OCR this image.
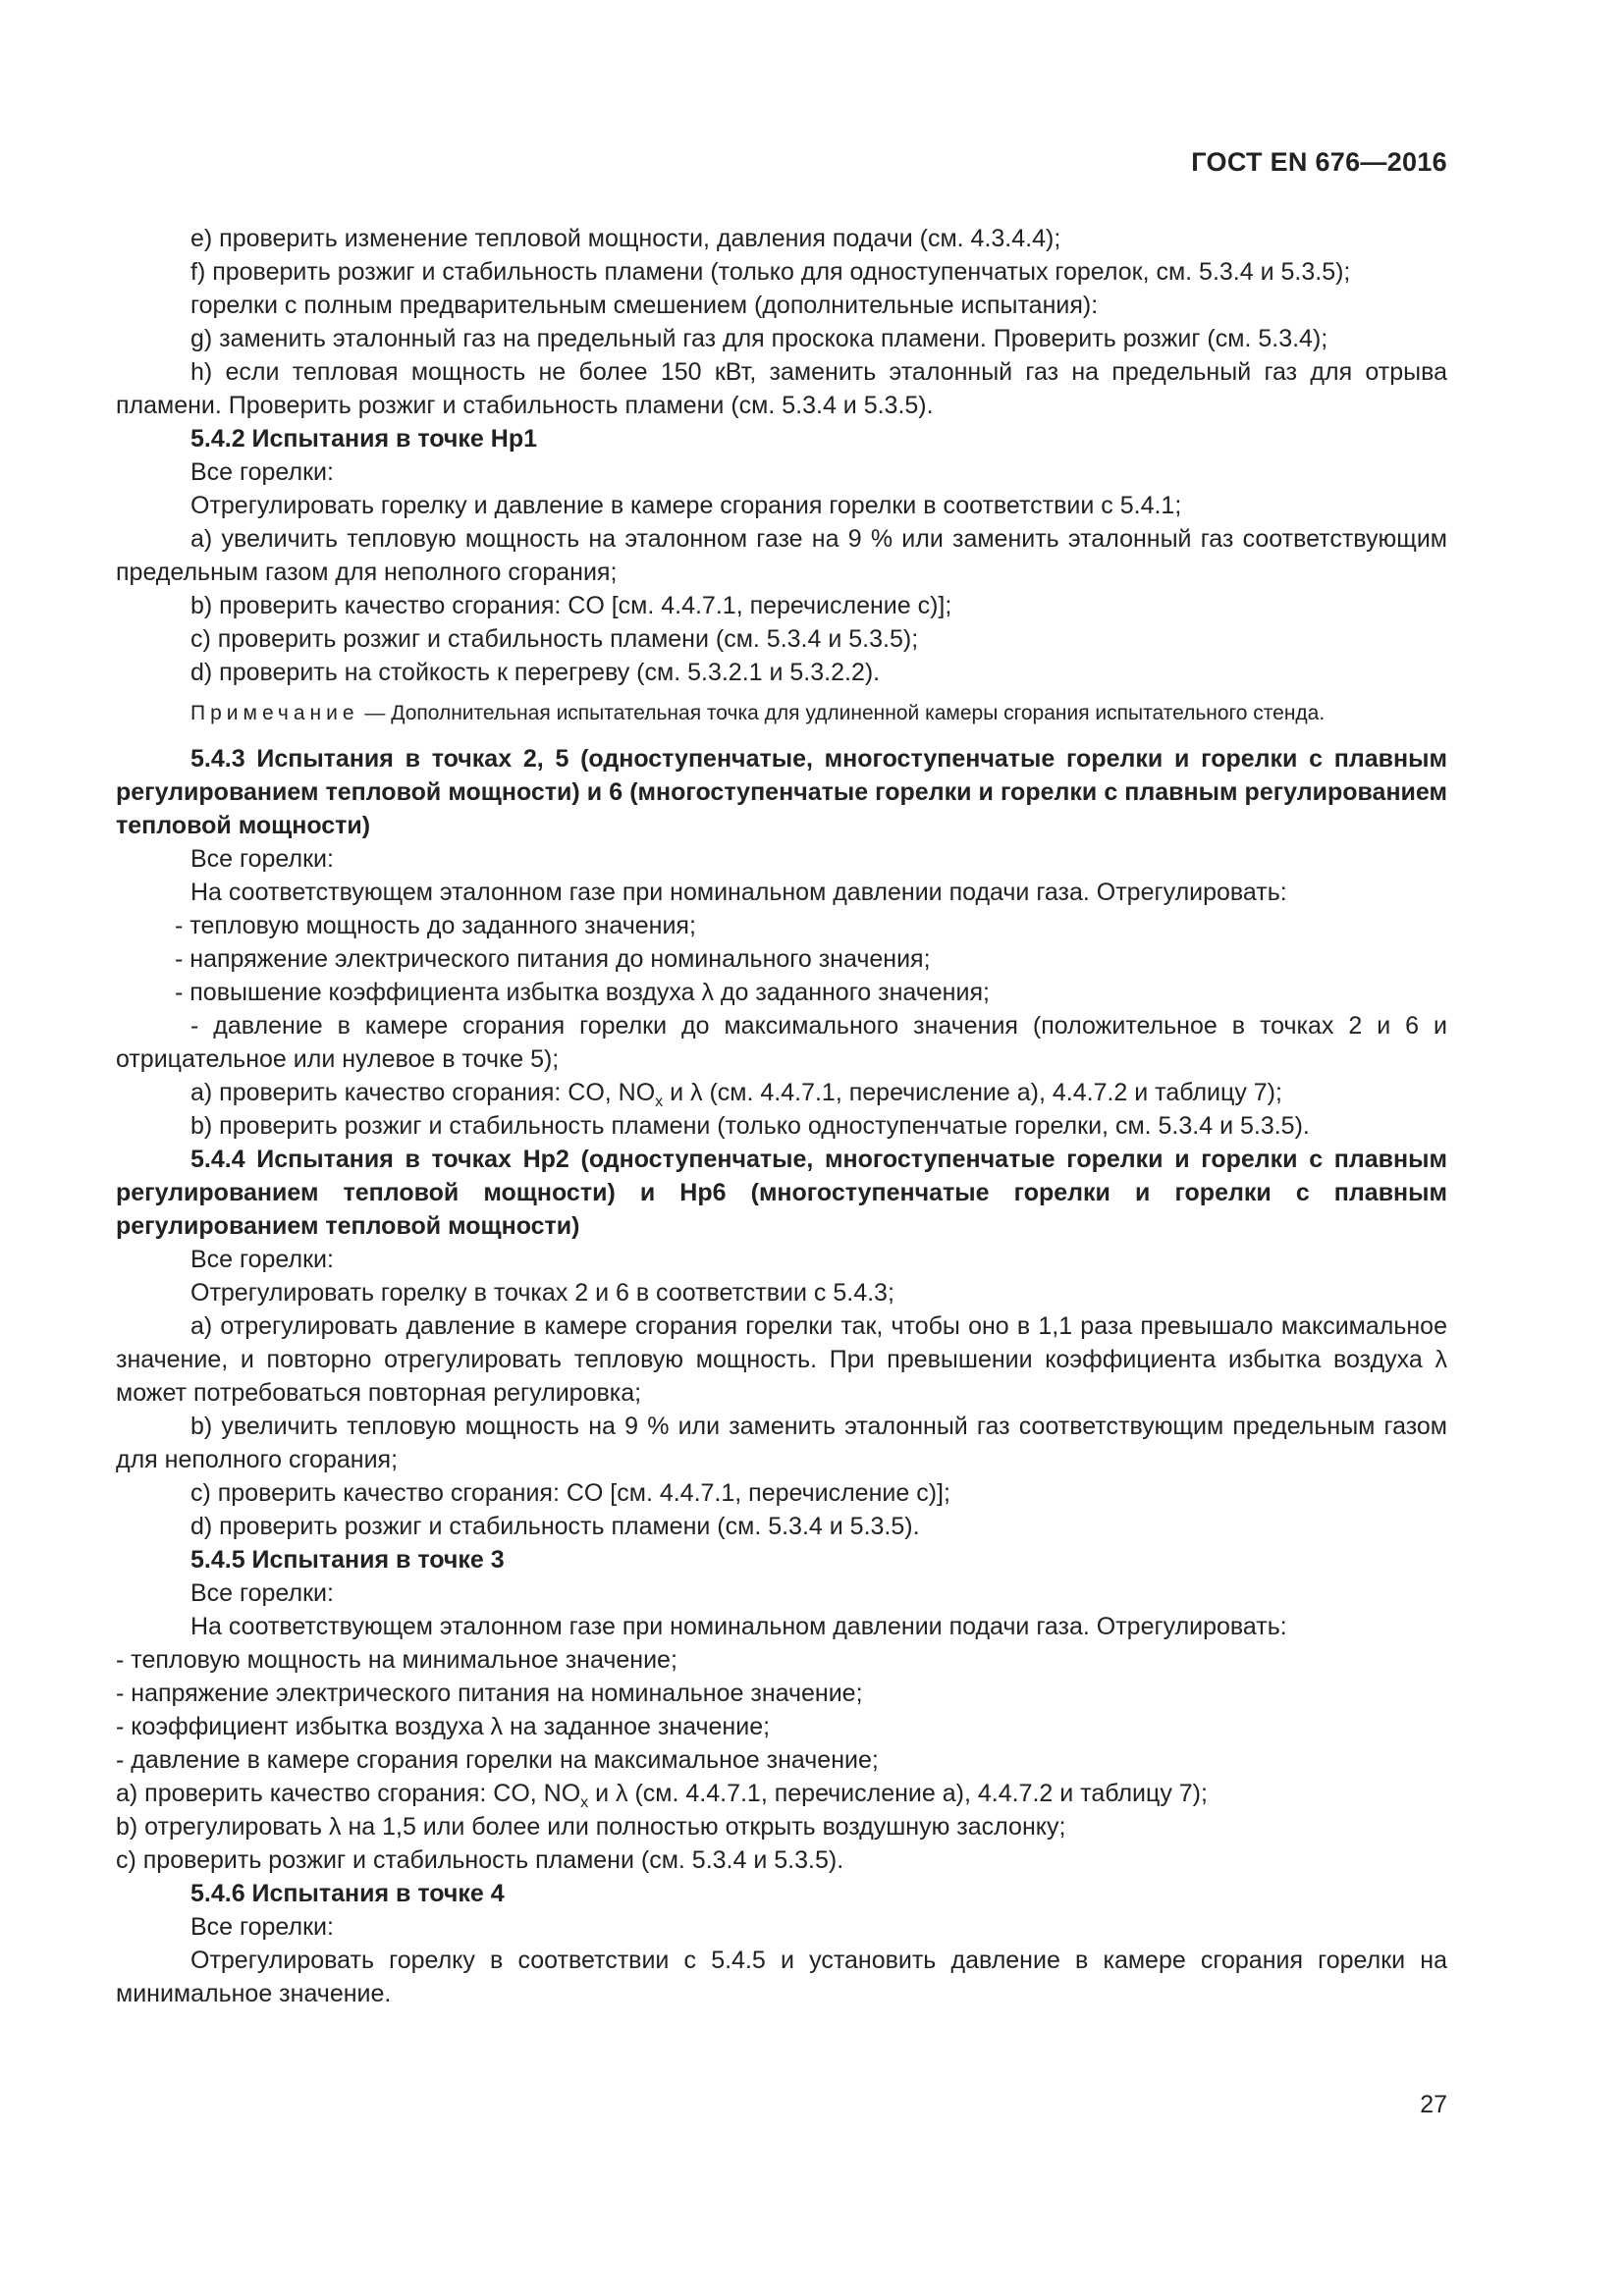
ГОСТ EN 676—2016

e) проверить изменение тепловой мощности, давления подачи (см. 4.3.4.4);

f) проверить розжиг и стабильность пламени (только для одноступенчатых горелок, см. 5.3.4 и 5.3.5);

горелки с полным предварительным смешением (дополнительные испытания):

g) заменить эталонный газ на предельный газ для проскока пламени. Проверить розжиг (см. 5.3.4);

h) если тепловая мощность не более 150 кВт, заменить эталонный газ на предельный газ для отрыва пламени. Проверить розжиг и стабильность пламени (см. 5.3.4 и 5.3.5).

5.4.2 Испытания в точке Hp1

Все горелки:

Отрегулировать горелку и давление в камере сгорания горелки в соответствии с 5.4.1;

a) увеличить тепловую мощность на эталонном газе на 9 % или заменить эталонный газ соответствующим предельным газом для неполного сгорания;

b) проверить качество сгорания: CO [см. 4.4.7.1, перечисление c)];

c) проверить розжиг и стабильность пламени (см. 5.3.4 и 5.3.5);

d) проверить на стойкость к перегреву (см. 5.3.2.1 и 5.3.2.2).

Примечание — Дополнительная испытательная точка для удлиненной камеры сгорания испытательного стенда.

5.4.3 Испытания в точках 2, 5 (одноступенчатые, многоступенчатые горелки и горелки с плавным регулированием тепловой мощности) и 6 (многоступенчатые горелки и горелки с плавным регулированием тепловой мощности)

Все горелки:

На соответствующем эталонном газе при номинальном давлении подачи газа. Отрегулировать:

- тепловую мощность до заданного значения;

- напряжение электрического питания до номинального значения;

- повышение коэффициента избытка воздуха λ до заданного значения;

- давление в камере сгорания горелки до максимального значения (положительное в точках 2 и 6 и отрицательное или нулевое в точке 5);

a) проверить качество сгорания: CO, $NO_x$ и λ (см. 4.4.7.1, перечисление a), 4.4.7.2 и таблицу 7);

b) проверить розжиг и стабильность пламени (только одноступенчатые горелки, см. 5.3.4 и 5.3.5).

5.4.4 Испытания в точках Hp2 (одноступенчатые, многоступенчатые горелки и горелки с плавным регулированием тепловой мощности) и Hp6 (многоступенчатые горелки и горелки с плавным регулированием тепловой мощности)

Все горелки:

Отрегулировать горелку в точках 2 и 6 в соответствии с 5.4.3;

a) отрегулировать давление в камере сгорания горелки так, чтобы оно в 1,1 раза превышало максимальное значение, и повторно отрегулировать тепловую мощность. При превышении коэффициента избытка воздуха λ может потребоваться повторная регулировка;

b) увеличить тепловую мощность на 9 % или заменить эталонный газ соответствующим предельным газом для неполного сгорания;

c) проверить качество сгорания: CO [см. 4.4.7.1, перечисление c)];

d) проверить розжиг и стабильность пламени (см. 5.3.4 и 5.3.5).

5.4.5 Испытания в точке 3

Все горелки:

На соответствующем эталонном газе при номинальном давлении подачи газа. Отрегулировать:

- тепловую мощность на минимальное значение;

- напряжение электрического питания на номинальное значение;

- коэффициент избытка воздуха λ на заданное значение;

- давление в камере сгорания горелки на максимальное значение;

a) проверить качество сгорания: CO, $NO_x$ и λ (см. 4.4.7.1, перечисление a), 4.4.7.2 и таблицу 7);

b) отрегулировать λ на 1,5 или более или полностью открыть воздушную заслонку;

c) проверить розжиг и стабильность пламени (см. 5.3.4 и 5.3.5).

5.4.6 Испытания в точке 4

Все горелки:

Отрегулировать горелку в соответствии с 5.4.5 и установить давление в камере сгорания горелки на минимальное значение.

27
